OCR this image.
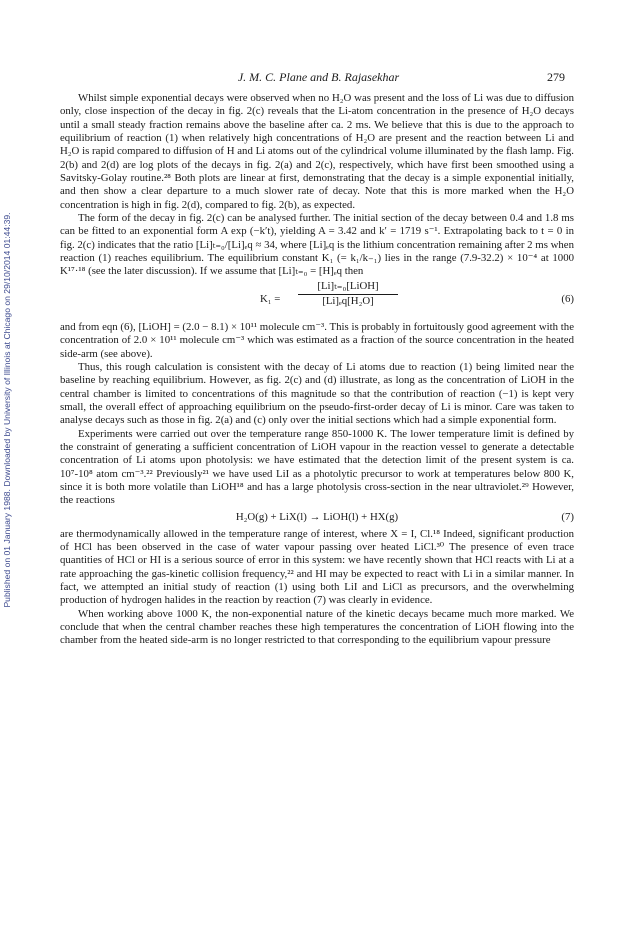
Published on 01 January 1988. Downloaded by University of Illinois at Chicago on 29/10/2014 01:44:39.
J. M. C. Plane and B. Rajasekhar	279

Whilst simple exponential decays were observed when no H₂O was present and the loss of Li was due to diffusion only, close inspection of the decay in fig. 2(c) reveals that the Li-atom concentration in the presence of H₂O decays until a small steady fraction remains above the baseline after ca. 2 ms. We believe that this is due to the approach to equilibrium of reaction (1) when relatively high concentrations of H₂O are present and the reaction between Li and H₂O is rapid compared to diffusion of H and Li atoms out of the cylindrical volume illuminated by the flash lamp. Fig. 2(b) and 2(d) are log plots of the decays in fig. 2(a) and 2(c), respectively, which have first been smoothed using a Savitsky-Golay routine.²⁸ Both plots are linear at first, demonstrating that the decay is a simple exponential initially, and then show a clear departure to a much slower rate of decay. Note that this is more marked when the H₂O concentration is high in fig. 2(d), compared to fig. 2(b), as expected.

The form of the decay in fig. 2(c) can be analysed further. The initial section of the decay between 0.4 and 1.8 ms can be fitted to an exponential form A exp (−k′t), yielding A = 3.42 and k′ = 1719 s⁻¹. Extrapolating back to t = 0 in fig. 2(c) indicates that the ratio [Li]ₜ₌₀/[Li]ₑq ≈ 34, where [Li]ₑq is the lithium concentration remaining after 2 ms when reaction (1) reaches equilibrium. The equilibrium constant K₁ (= k₁/k₋₁) lies in the range (7.9-32.2) × 10⁻⁴ at 1000 K¹⁷·¹⁸ (see the later discussion). If we assume that [Li]ₜ₌₀ = [H]ₑq then

K₁ =
[Li]ₜ₌₀[LiOH]
[Li]ₑq[H₂O]	(6)

and from eqn (6), [LiOH] = (2.0 − 8.1) × 10¹¹ molecule cm⁻³. This is probably in fortuitously good agreement with the concentration of 2.0 × 10¹¹ molecule cm⁻³ which was estimated as a fraction of the source concentration in the heated side-arm (see above).

Thus, this rough calculation is consistent with the decay of Li atoms due to reaction (1) being limited near the baseline by reaching equilibrium. However, as fig. 2(c) and (d) illustrate, as long as the concentration of LiOH in the central chamber is limited to concentrations of this magnitude so that the contribution of reaction (−1) is kept very small, the overall effect of approaching equilibrium on the pseudo-first-order decay of Li is minor. Care was taken to analyse decays such as those in fig. 2(a) and (c) only over the initial sections which had a simple exponential form.

Experiments were carried out over the temperature range 850-1000 K. The lower temperature limit is defined by the constraint of generating a sufficient concentration of LiOH vapour in the reaction vessel to generate a detectable concentration of Li atoms upon photolysis: we have estimated that the detection limit of the present system is ca. 10⁷-10⁸ atom cm⁻³.²² Previously²¹ we have used LiI as a photolytic precursor to work at temperatures below 800 K, since it is both more volatile than LiOH¹⁸ and has a large photolysis cross-section in the near ultraviolet.²⁹ However, the reactions

H₂O(g) + LiX(l) → LiOH(l) + HX(g)	(7)

are thermodynamically allowed in the temperature range of interest, where X = I, Cl.¹⁸ Indeed, significant production of HCl has been observed in the case of water vapour passing over heated LiCl.³⁰ The presence of even trace quantities of HCl or HI is a serious source of error in this system: we have recently shown that HCl reacts with Li at a rate approaching the gas-kinetic collision frequency,²² and HI may be expected to react with Li in a similar manner. In fact, we attempted an initial study of reaction (1) using both LiI and LiCl as precursors, and the overwhelming production of hydrogen halides in the reaction by reaction (7) was clearly in evidence.

When working above 1000 K, the non-exponential nature of the kinetic decays became much more marked. We conclude that when the central chamber reaches these high temperatures the concentration of LiOH flowing into the chamber from the heated side-arm is no longer restricted to that corresponding to the equilibrium vapour pressure
